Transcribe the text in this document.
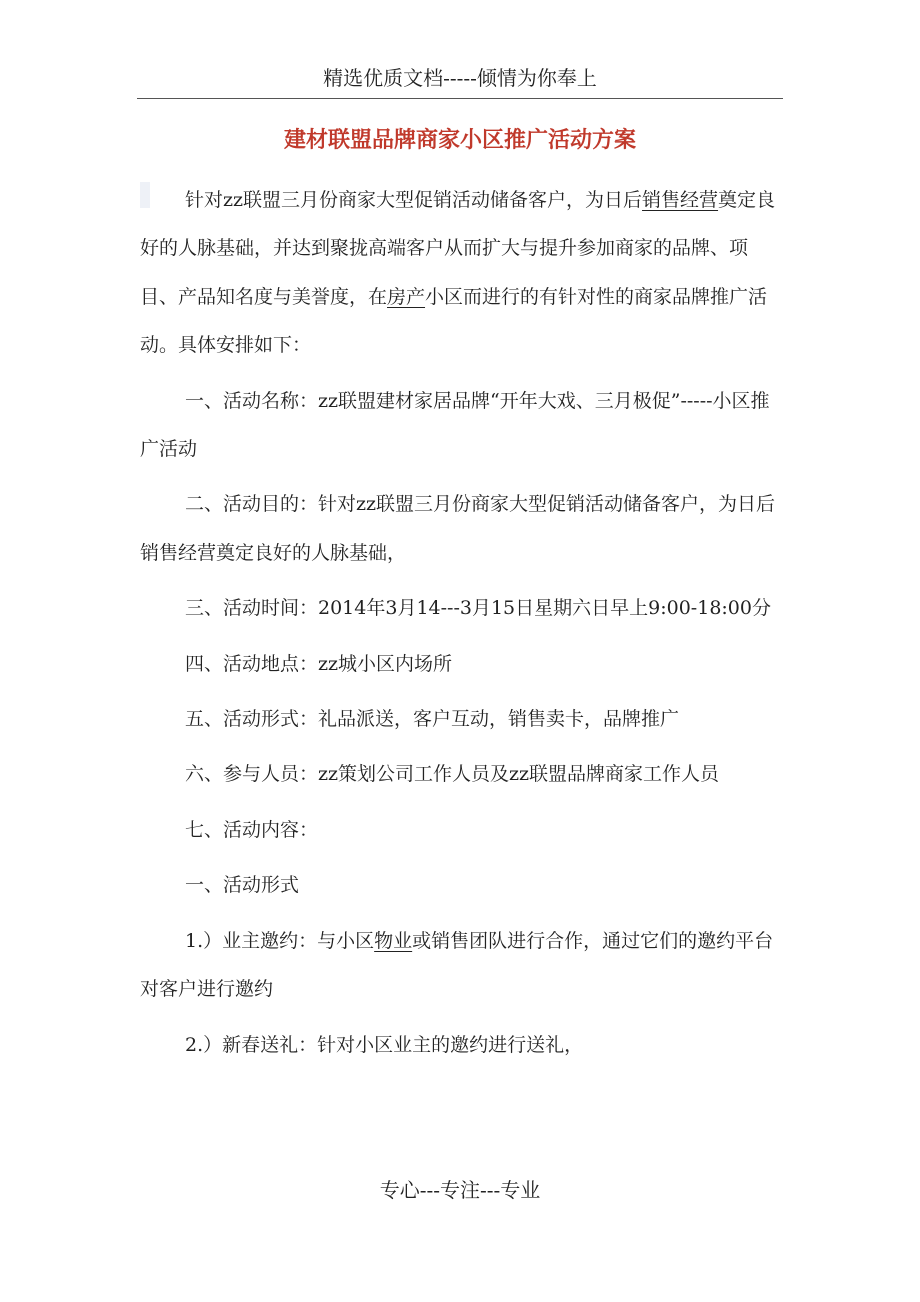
精选优质文档-----倾情为你奉上
建材联盟品牌商家小区推广活动方案

针对zz联盟三月份商家大型促销活动储备客户，为日后销售经营奠定良好的人脉基础，并达到聚拢高端客户从而扩大与提升参加商家的品牌、项目、产品知名度与美誉度，在房产小区而进行的有针对性的商家品牌推广活动。具体安排如下：

一、活动名称：zz联盟建材家居品牌“开年大戏、三月极促”-----小区推广活动

二、活动目的：针对zz联盟三月份商家大型促销活动储备客户，为日后销售经营奠定良好的人脉基础，

三、活动时间：2014年3月14---3月15日星期六日早上9:00-18:00分

四、活动地点：zz城小区内场所

五、活动形式：礼品派送，客户互动，销售卖卡，品牌推广

六、参与人员：zz策划公司工作人员及zz联盟品牌商家工作人员

七、活动内容：

一、活动形式

1.）业主邀约：与小区物业或销售团队进行合作，通过它们的邀约平台对客户进行邀约

2.）新春送礼：针对小区业主的邀约进行送礼，

专心---专注---专业
